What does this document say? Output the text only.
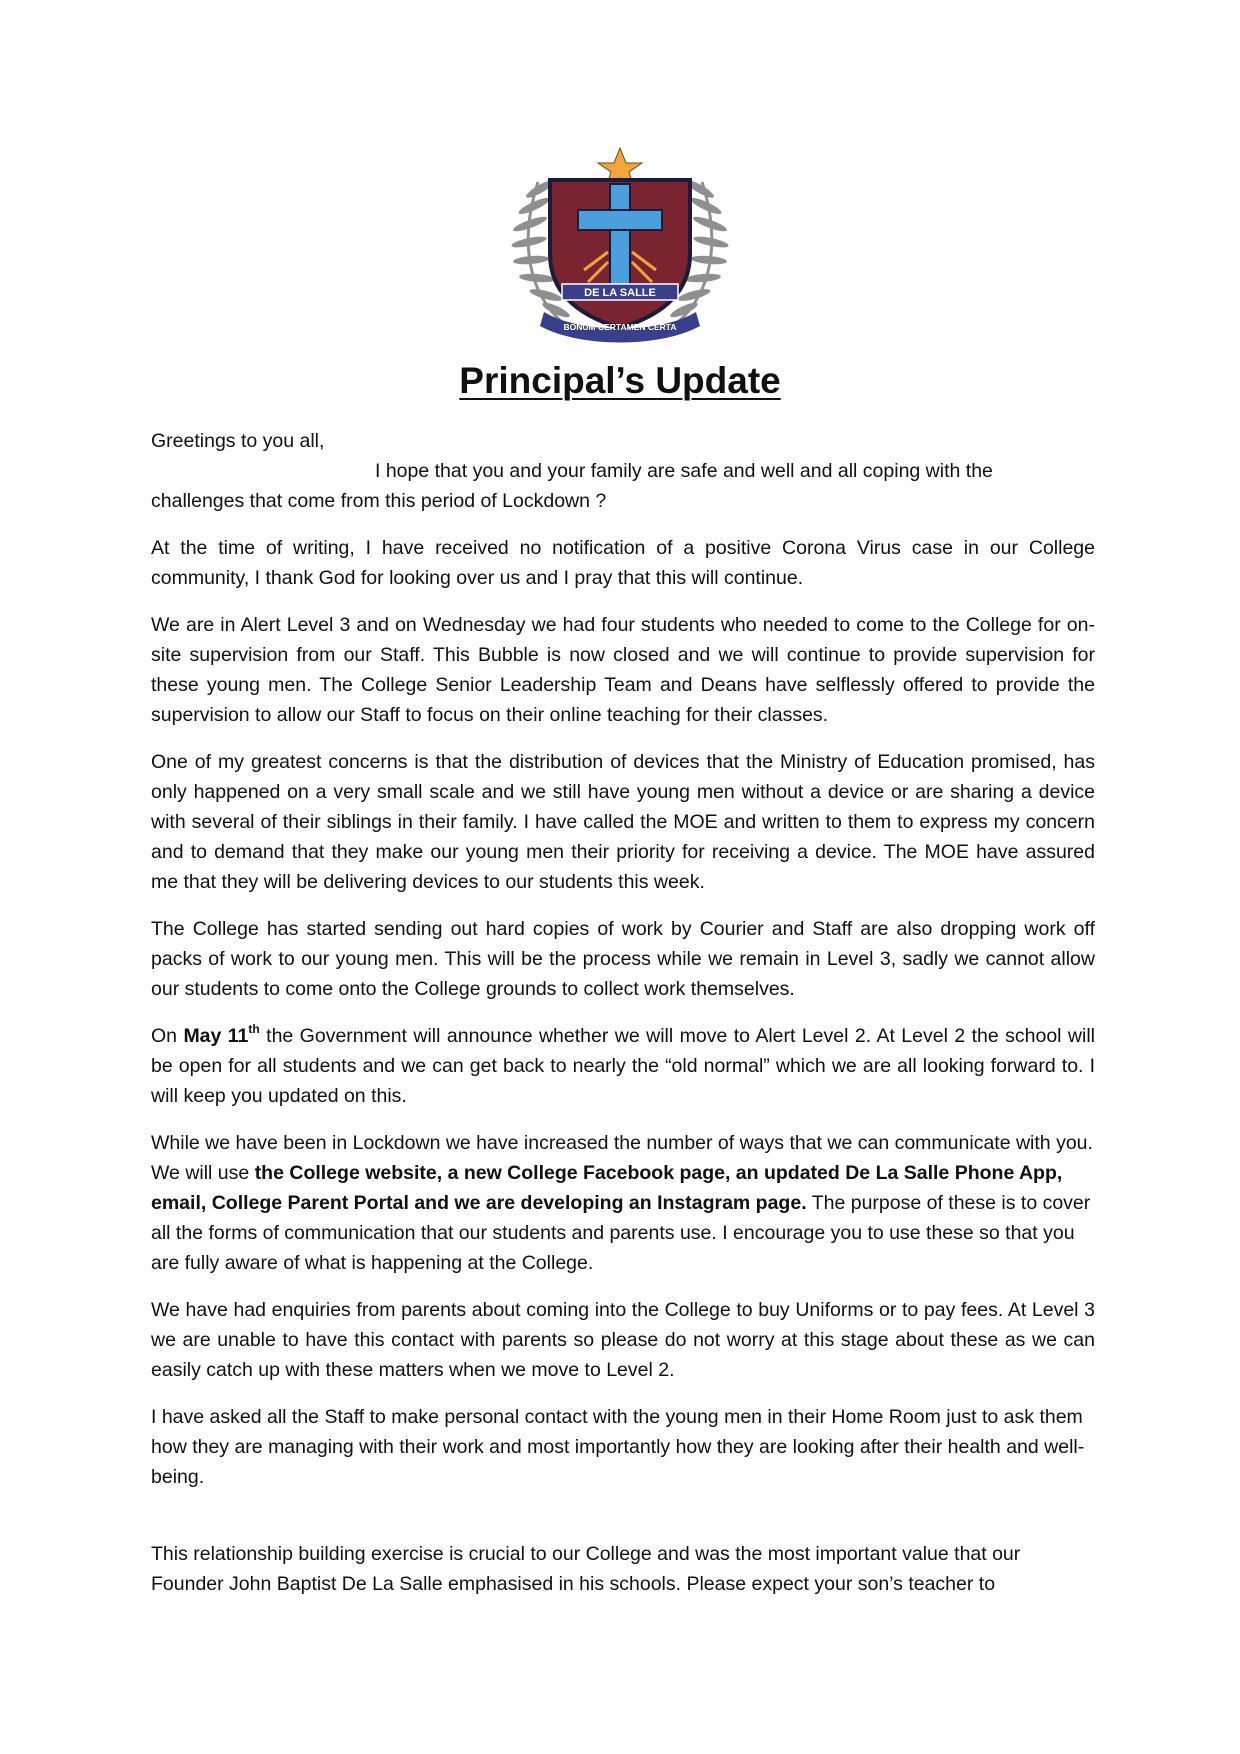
DE LA SALLE
BONUM CERTAMEN CERTA
Principal’s Update

Greetings to you all,

I hope that you and your family are safe and well and all coping with the
challenges that come from this period of Lockdown ?

At the time of writing, I have received no notification of a positive Corona Virus case in our College community, I thank God for looking over us and I pray that this will continue.

We are in Alert Level 3 and on Wednesday we had four students who needed to come to the College for on-site supervision from our Staff. This Bubble is now closed and we will continue to provide supervision for these young men. The College Senior Leadership Team and Deans have selflessly offered to provide the supervision to allow our Staff to focus on their online teaching for their classes.

One of my greatest concerns is that the distribution of devices that the Ministry of Education promised, has only happened on a very small scale and we still have young men without a device or are sharing a device with several of their siblings in their family. I have called the MOE and written to them to express my concern and to demand that they make our young men their priority for receiving a device. The MOE have assured me that they will be delivering devices to our students this week.

The College has started sending out hard copies of work by Courier and Staff are also dropping work off packs of work to our young men. This will be the process while we remain in Level 3, sadly we cannot allow our students to come onto the College grounds to collect work themselves.

On May 11th the Government will announce whether we will move to Alert Level 2. At Level 2 the school will be open for all students and we can get back to nearly the “old normal” which we are all looking forward to. I will keep you updated on this.

While we have been in Lockdown we have increased the number of ways that we can communicate with you. We will use the College website, a new College Facebook page, an updated De La Salle Phone App, email, College Parent Portal and we are developing an Instagram page. The purpose of these is to cover all the forms of communication that our students and parents use. I encourage you to use these so that you are fully aware of what is happening at the College.

We have had enquiries from parents about coming into the College to buy Uniforms or to pay fees. At Level 3 we are unable to have this contact with parents so please do not worry at this stage about these as we can easily catch up with these matters when we move to Level 2.

I have asked all the Staff to make personal contact with the young men in their Home Room just to ask them how they are managing with their work and most importantly how they are looking after their health and well-being.

This relationship building exercise is crucial to our College and was the most important value that our Founder John Baptist De La Salle emphasised in his schools. Please expect your son’s teacher to
